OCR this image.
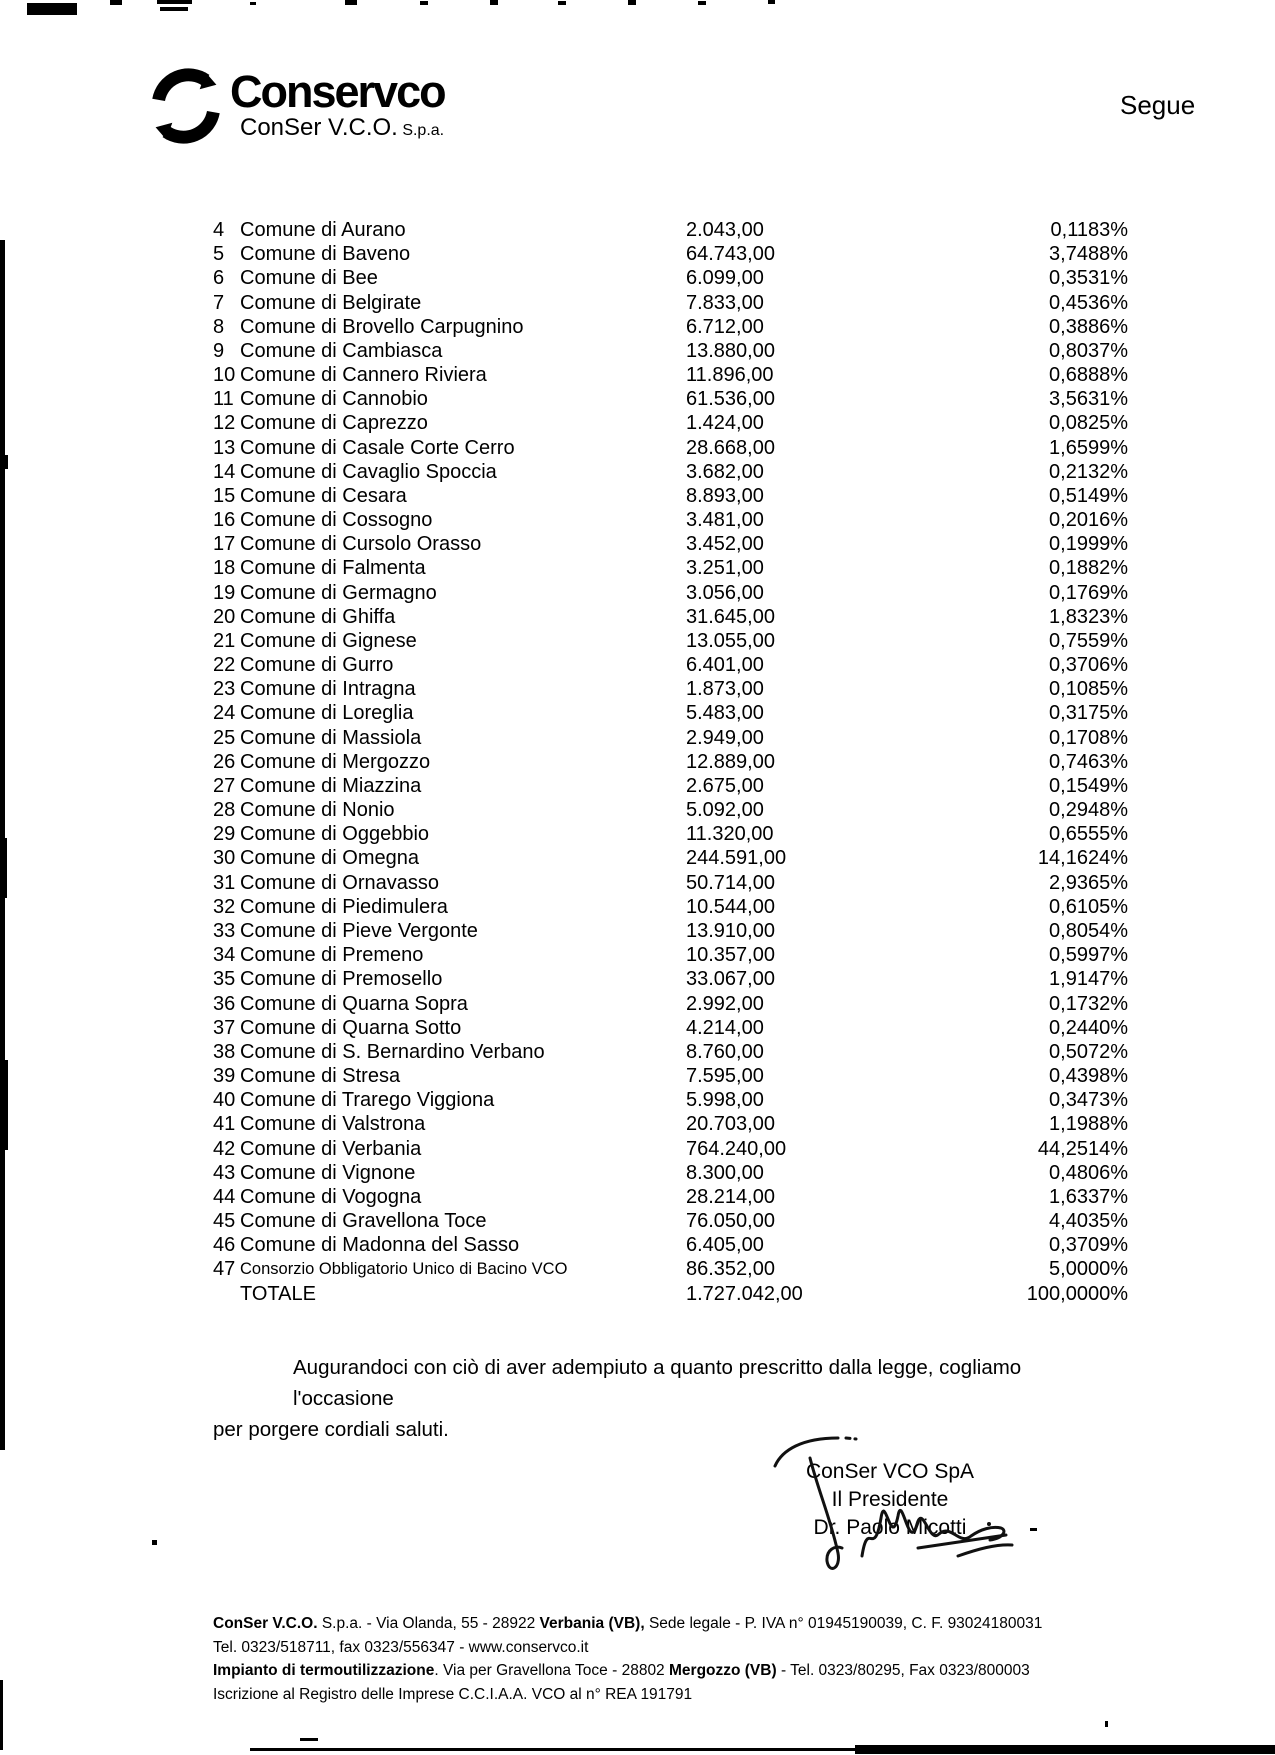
Conservco
ConSer V.C.O. S.p.a.
Segue
4 Comune di Aurano	2.043,00	0,1183%
5 Comune di Baveno	64.743,00	3,7488%
6 Comune di Bee	6.099,00	0,3531%
7 Comune di Belgirate	7.833,00	0,4536%
8 Comune di Brovello Carpugnino	6.712,00	0,3886%
9 Comune di Cambiasca	13.880,00	0,8037%
10 Comune di Cannero Riviera	11.896,00	0,6888%
11 Comune di Cannobio	61.536,00	3,5631%
12 Comune di Caprezzo	1.424,00	0,0825%
13 Comune di Casale Corte Cerro	28.668,00	1,6599%
14 Comune di Cavaglio Spoccia	3.682,00	0,2132%
15 Comune di Cesara	8.893,00	0,5149%
16 Comune di Cossogno	3.481,00	0,2016%
17 Comune di Cursolo Orasso	3.452,00	0,1999%
18 Comune di Falmenta	3.251,00	0,1882%
19 Comune di Germagno	3.056,00	0,1769%
20 Comune di Ghiffa	31.645,00	1,8323%
21 Comune di Gignese	13.055,00	0,7559%
22 Comune di Gurro	6.401,00	0,3706%
23 Comune di Intragna	1.873,00	0,1085%
24 Comune di Loreglia	5.483,00	0,3175%
25 Comune di Massiola	2.949,00	0,1708%
26 Comune di Mergozzo	12.889,00	0,7463%
27 Comune di Miazzina	2.675,00	0,1549%
28 Comune di Nonio	5.092,00	0,2948%
29 Comune di Oggebbio	11.320,00	0,6555%
30 Comune di Omegna	244.591,00	14,1624%
31 Comune di Ornavasso	50.714,00	2,9365%
32 Comune di Piedimulera	10.544,00	0,6105%
33 Comune di Pieve Vergonte	13.910,00	0,8054%
34 Comune di Premeno	10.357,00	0,5997%
35 Comune di Premosello	33.067,00	1,9147%
36 Comune di Quarna Sopra	2.992,00	0,1732%
37 Comune di Quarna Sotto	4.214,00	0,2440%
38 Comune di S. Bernardino Verbano	8.760,00	0,5072%
39 Comune di Stresa	7.595,00	0,4398%
40 Comune di Trarego Viggiona	5.998,00	0,3473%
41 Comune di Valstrona	20.703,00	1,1988%
42 Comune di Verbania	764.240,00	44,2514%
43 Comune di Vignone	8.300,00	0,4806%
44 Comune di Vogogna	28.214,00	1,6337%
45 Comune di Gravellona Toce	76.050,00	4,4035%
46 Comune di Madonna del Sasso	6.405,00	0,3709%
47 Consorzio Obbligatorio Unico di Bacino VCO	86.352,00	5,0000%
TOTALE	1.727.042,00	100,0000%
Augurandoci con ciò di aver adempiuto a quanto prescritto dalla legge, cogliamo l'occasione
per porgere cordiali saluti.
ConSer VCO SpA
Il Presidente
Dr. Paolo Micotti
ConSer V.C.O. S.p.a. - Via Olanda, 55 - 28922 Verbania (VB), Sede legale - P. IVA n° 01945190039, C. F. 93024180031
Tel. 0323/518711, fax 0323/556347 - www.conservco.it
Impianto di termoutilizzazione. Via per Gravellona Toce - 28802 Mergozzo (VB) - Tel. 0323/80295, Fax 0323/800003
Iscrizione al Registro delle Imprese C.C.I.A.A. VCO al n° REA 191791
